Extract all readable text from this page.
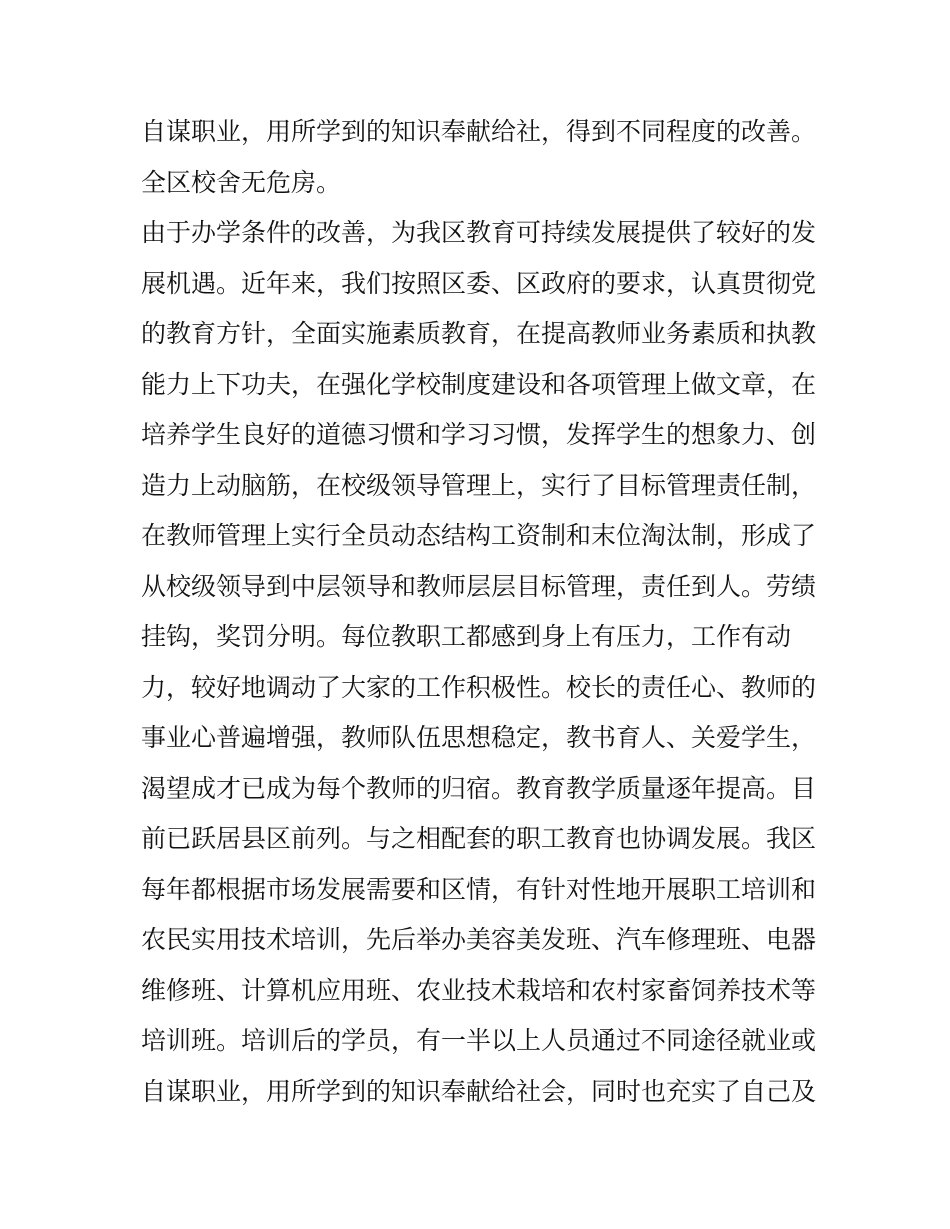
自谋职业，用所学到的知识奉献给社，得到不同程度的改善。
全区校舍无危房。
由于办学条件的改善，为我区教育可持续发展提供了较好的发
展机遇。近年来，我们按照区委、区政府的要求，认真贯彻党
的教育方针，全面实施素质教育，在提高教师业务素质和执教
能力上下功夫，在强化学校制度建设和各项管理上做文章，在
培养学生良好的道德习惯和学习习惯，发挥学生的想象力、创
造力上动脑筋，在校级领导管理上，实行了目标管理责任制，
在教师管理上实行全员动态结构工资制和末位淘汰制，形成了
从校级领导到中层领导和教师层层目标管理，责任到人。劳绩
挂钩，奖罚分明。每位教职工都感到身上有压力，工作有动
力，较好地调动了大家的工作积极性。校长的责任心、教师的
事业心普遍增强，教师队伍思想稳定，教书育人、关爱学生，
渴望成才已成为每个教师的归宿。教育教学质量逐年提高。目
前已跃居县区前列。与之相配套的职工教育也协调发展。我区
每年都根据市场发展需要和区情，有针对性地开展职工培训和
农民实用技术培训，先后举办美容美发班、汽车修理班、电器
维修班、计算机应用班、农业技术栽培和农村家畜饲养技术等
培训班。培训后的学员，有一半以上人员通过不同途径就业或
自谋职业，用所学到的知识奉献给社会，同时也充实了自己及
